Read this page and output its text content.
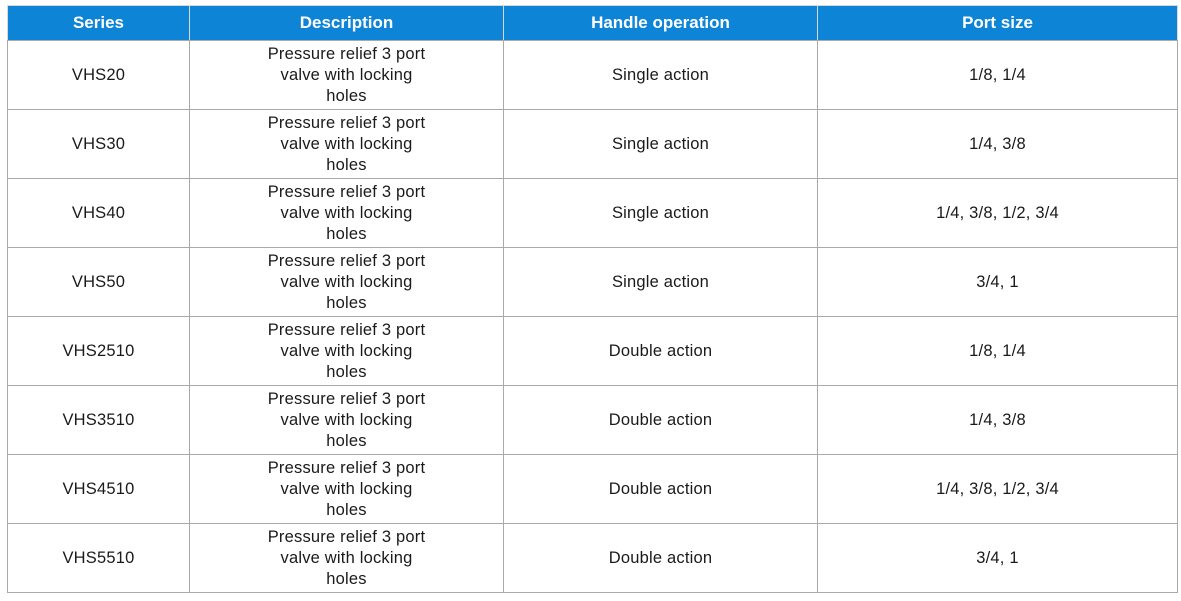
Series	Description	Handle operation	Port size
VHS20	Pressure relief 3 port valve with locking holes	Single action	1/8, 1/4
VHS30	Pressure relief 3 port valve with locking holes	Single action	1/4, 3/8
VHS40	Pressure relief 3 port valve with locking holes	Single action	1/4, 3/8, 1/2, 3/4
VHS50	Pressure relief 3 port valve with locking holes	Single action	3/4, 1
VHS2510	Pressure relief 3 port valve with locking holes	Double action	1/8, 1/4
VHS3510	Pressure relief 3 port valve with locking holes	Double action	1/4, 3/8
VHS4510	Pressure relief 3 port valve with locking holes	Double action	1/4, 3/8, 1/2, 3/4
VHS5510	Pressure relief 3 port valve with locking holes	Double action	3/4, 1
